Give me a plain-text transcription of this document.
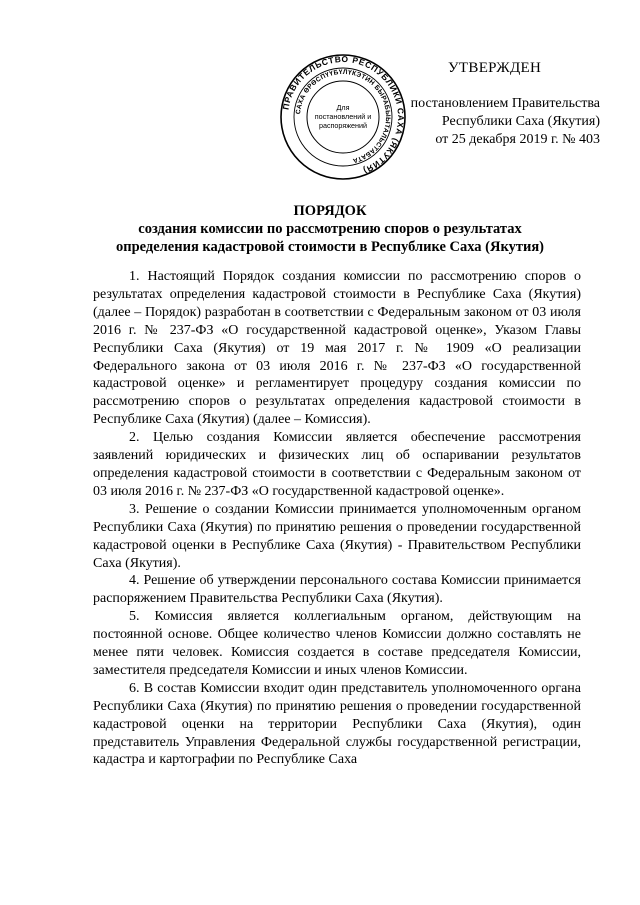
ПРАВИТЕЛЬСТВО РЕСПУБЛИКИ САХА (ЯКУТИЯ)
САХА ӨРӨСПҮҮБҮЛҮКЭТИН БЫРАБЫЫТАЛЬСТАБАТА
Для
постановлений и
распоряжений
УТВЕРЖДЕН
постановлением Правительства
Республики Саха (Якутия)
от 25 декабря 2019 г. № 403
ПОРЯДОК
создания комиссии по рассмотрению споров о результатах
определения кадастровой стоимости в Республике Саха (Якутия)

1. Настоящий Порядок создания комиссии по рассмотрению споров о результатах определения кадастровой стоимости в Республике Саха (Якутия) (далее – Порядок) разработан в соответствии с Федеральным законом от 03 июля 2016 г. № 237-ФЗ «О государственной кадастровой оценке», Указом Главы Республики Саха (Якутия) от 19 мая 2017 г. № 1909 «О реализации Федерального закона от 03 июля 2016 г. № 237-ФЗ «О государственной кадастровой оценке» и регламентирует процедуру создания комиссии по рассмотрению споров о результатах определения кадастровой стоимости в Республике Саха (Якутия) (далее – Комиссия).

2. Целью создания Комиссии является обеспечение рассмотрения заявлений юридических и физических лиц об оспаривании результатов определения кадастровой стоимости в соответствии с Федеральным законом от 03 июля 2016 г. № 237-ФЗ «О государственной кадастровой оценке».

3. Решение о создании Комиссии принимается уполномоченным органом Республики Саха (Якутия) по принятию решения о проведении государственной кадастровой оценки в Республике Саха (Якутия) - Правительством Республики Саха (Якутия).

4. Решение об утверждении персонального состава Комиссии принимается распоряжением Правительства Республики Саха (Якутия).

5. Комиссия является коллегиальным органом, действующим на постоянной основе. Общее количество членов Комиссии должно составлять не менее пяти человек. Комиссия создается в составе председателя Комиссии, заместителя председателя Комиссии и иных членов Комиссии.

6. В состав Комиссии входит один представитель уполномоченного органа Республики Саха (Якутия) по принятию решения о проведении государственной кадастровой оценки на территории Республики Саха (Якутия), один представитель Управления Федеральной службы государственной регистрации, кадастра и картографии по Республике Саха
